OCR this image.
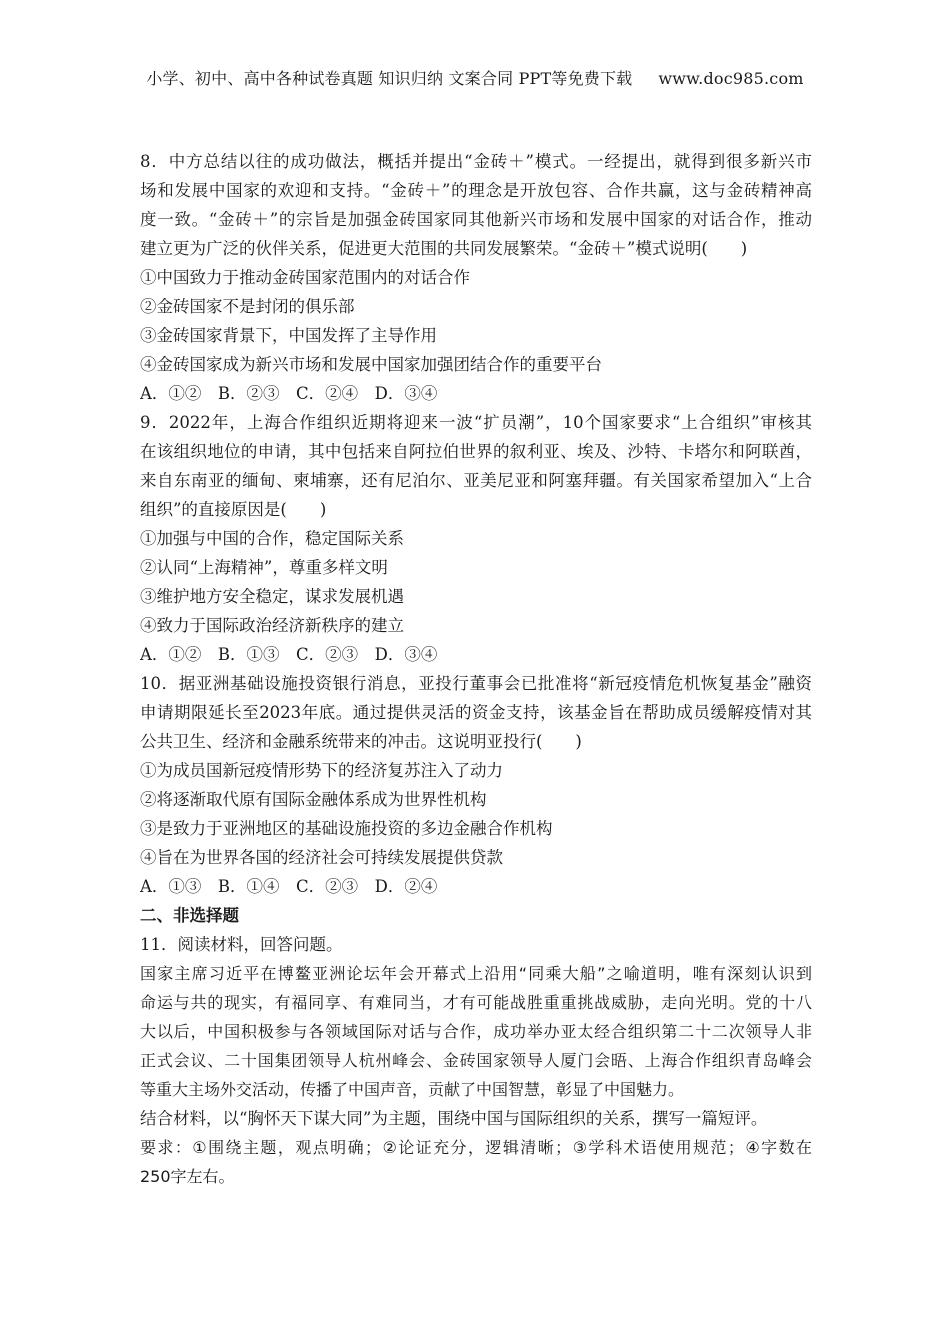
小学、初中、高中各种试卷真题 知识归纳 文案合同 PPT等免费下载 www.doc985.com
8．中方总结以往的成功做法，概括并提出“金砖＋”模式。一经提出，就得到很多新兴市
场和发展中国家的欢迎和支持。“金砖＋”的理念是开放包容、合作共赢，这与金砖精神高
度一致。“金砖＋”的宗旨是加强金砖国家同其他新兴市场和发展中国家的对话合作，推动
建立更为广泛的伙伴关系，促进更大范围的共同发展繁荣。“金砖＋”模式说明(　　)
①中国致力于推动金砖国家范围内的对话合作
②金砖国家不是封闭的俱乐部
③金砖国家背景下，中国发挥了主导作用
④金砖国家成为新兴市场和发展中国家加强团结合作的重要平台
A．①②　B．②③　C．②④　D．③④
9．2022年，上海合作组织近期将迎来一波“扩员潮”，10个国家要求“上合组织”审核其
在该组织地位的申请，其中包括来自阿拉伯世界的叙利亚、埃及、沙特、卡塔尔和阿联酋，
来自东南亚的缅甸、柬埔寨，还有尼泊尔、亚美尼亚和阿塞拜疆。有关国家希望加入“上合
组织”的直接原因是(　　)
①加强与中国的合作，稳定国际关系
②认同“上海精神”，尊重多样文明
③维护地方安全稳定，谋求发展机遇
④致力于国际政治经济新秩序的建立
A．①②　B．①③　C．②③　D．③④
10．据亚洲基础设施投资银行消息，亚投行董事会已批准将“新冠疫情危机恢复基金”融资
申请期限延长至2023年底。通过提供灵活的资金支持，该基金旨在帮助成员缓解疫情对其
公共卫生、经济和金融系统带来的冲击。这说明亚投行(　　)
①为成员国新冠疫情形势下的经济复苏注入了动力
②将逐渐取代原有国际金融体系成为世界性机构
③是致力于亚洲地区的基础设施投资的多边金融合作机构
④旨在为世界各国的经济社会可持续发展提供贷款
A．①③　B．①④　C．②③　D．②④
二、非选择题
11．阅读材料，回答问题。
国家主席习近平在博鳌亚洲论坛年会开幕式上沿用“同乘大船”之喻道明，唯有深刻认识到
命运与共的现实，有福同享、有难同当，才有可能战胜重重挑战威胁，走向光明。党的十八
大以后，中国积极参与各领域国际对话与合作，成功举办亚太经合组织第二十二次领导人非
正式会议、二十国集团领导人杭州峰会、金砖国家领导人厦门会晤、上海合作组织青岛峰会
等重大主场外交活动，传播了中国声音，贡献了中国智慧，彰显了中国魅力。
结合材料，以“胸怀天下谋大同”为主题，围绕中国与国际组织的关系，撰写一篇短评。
要求：①围绕主题，观点明确；②论证充分，逻辑清晰；③学科术语使用规范；④字数在
250字左右。
